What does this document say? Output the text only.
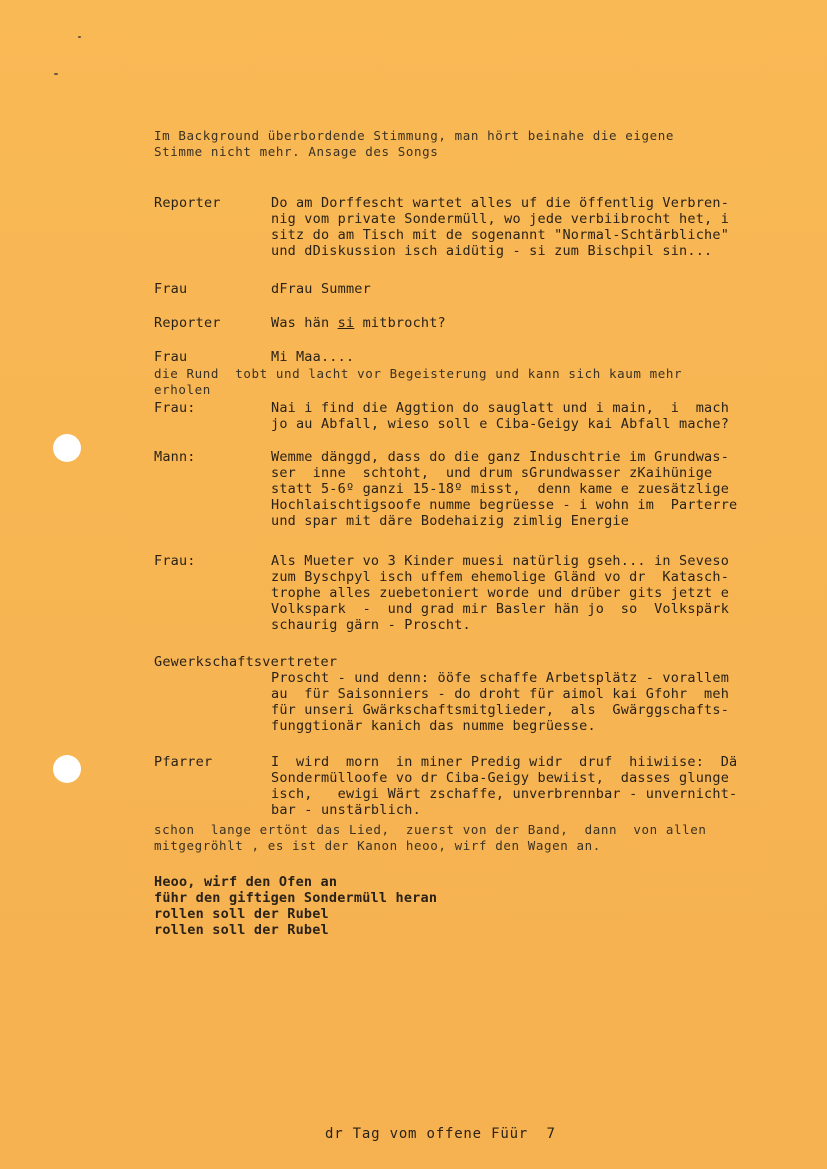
Im Background überbordende Stimmung, man hört beinahe die eigene
Stimme nicht mehr. Ansage des Songs
Reporter	Do am Dorffescht wartet alles uf die öffentlig Verbren-
nig vom private Sondermüll, wo jede verbiibrocht het, i
sitz do am Tisch mit de sogenannt "Normal-Schtärbliche"
und dDiskussion isch aidütig - si zum Bischpil sin...
Frau	dFrau Summer
Reporter	Was hän si mitbrocht?
Frau	Mi Maa....
die Rund  tobt und lacht vor Begeisterung und kann sich kaum mehr
erholen
Frau:	Nai i find die Aggtion do sauglatt und i main,  i  mach
jo au Abfall, wieso soll e Ciba-Geigy kai Abfall mache?
Mann:	Wemme dänggd, dass do die ganz Induschtrie im Grundwas-
ser  inne  schtoht,  und drum sGrundwasser zKaihünige
statt 5-6º ganzi 15-18º misst,  denn kame e zuesätzlige
Hochlaischtigsoofe numme begrüesse - i wohn im  Parterre
und spar mit däre Bodehaizig zimlig Energie
Frau:	Als Mueter vo 3 Kinder muesi natürlig gseh... in Seveso
zum Byschpyl isch uffem ehemolige Gländ vo dr  Katasch-
trophe alles zuebetoniert worde und drüber gits jetzt e
Volkspark  -  und grad mir Basler hän jo  so  Volkspärk
schaurig gärn - Proscht.
Gewerkschaftsvertreter
Proscht - und denn: ööfe schaffe Arbetsplätz - vorallem
au  für Saisonniers - do droht für aimol kai Gfohr  meh
für unseri Gwärkschaftsmitglieder,  als  Gwärggschafts-
funggtionär kanich das numme begrüesse.
Pfarrer	I  wird  morn  in miner Predig widr  druf  hiiwiise:  Dä
Sondermülloofe vo dr Ciba-Geigy bewiist,  dasses glunge
isch,   ewigi Wärt zschaffe, unverbrennbar - unvernicht-
bar - unstärblich.
schon  lange ertönt das Lied,  zuerst von der Band,  dann  von allen
mitgegröhlt , es ist der Kanon heoo, wirf den Wagen an.
Heoo, wirf den Ofen an
führ den giftigen Sondermüll heran
rollen soll der Rubel
rollen soll der Rubel
dr Tag vom offene Füür  7
